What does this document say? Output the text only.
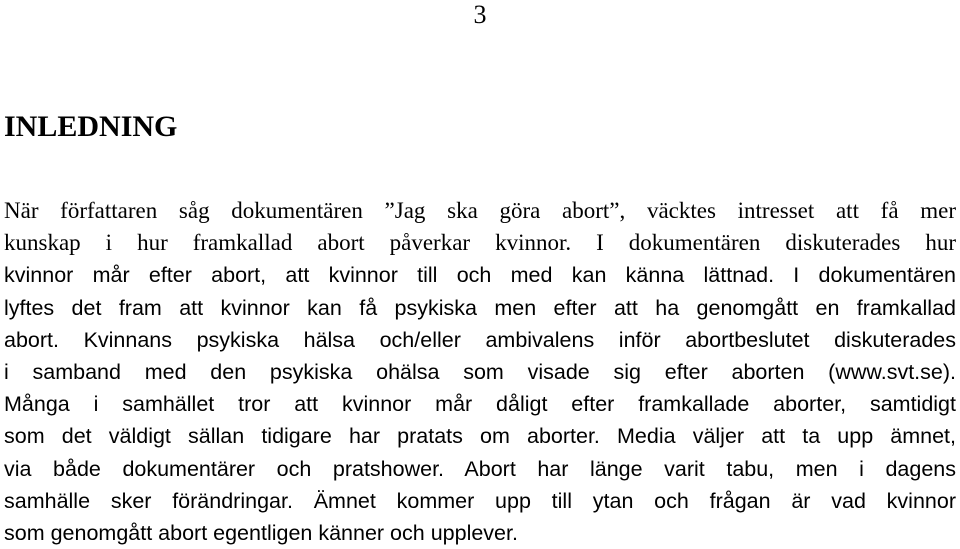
3
INLEDNING
När författaren såg dokumentären ”Jag ska göra abort”, väcktes intresset att få mer
kunskap i hur framkallad abort påverkar kvinnor. I dokumentären diskuterades hur
kvinnor mår efter abort, att kvinnor till och med kan känna lättnad. I dokumentären
lyftes det fram att kvinnor kan få psykiska men efter att ha genomgått en framkallad
abort. Kvinnans psykiska hälsa och/eller ambivalens inför abortbeslutet diskuterades
i samband med den psykiska ohälsa som visade sig efter aborten (www.svt.se).
Många i samhället tror att kvinnor mår dåligt efter framkallade aborter, samtidigt
som det väldigt sällan tidigare har pratats om aborter. Media väljer att ta upp ämnet,
via både dokumentärer och pratshower. Abort har länge varit tabu, men i dagens
samhälle sker förändringar. Ämnet kommer upp till ytan och frågan är vad kvinnor
som genomgått abort egentligen känner och upplever.
